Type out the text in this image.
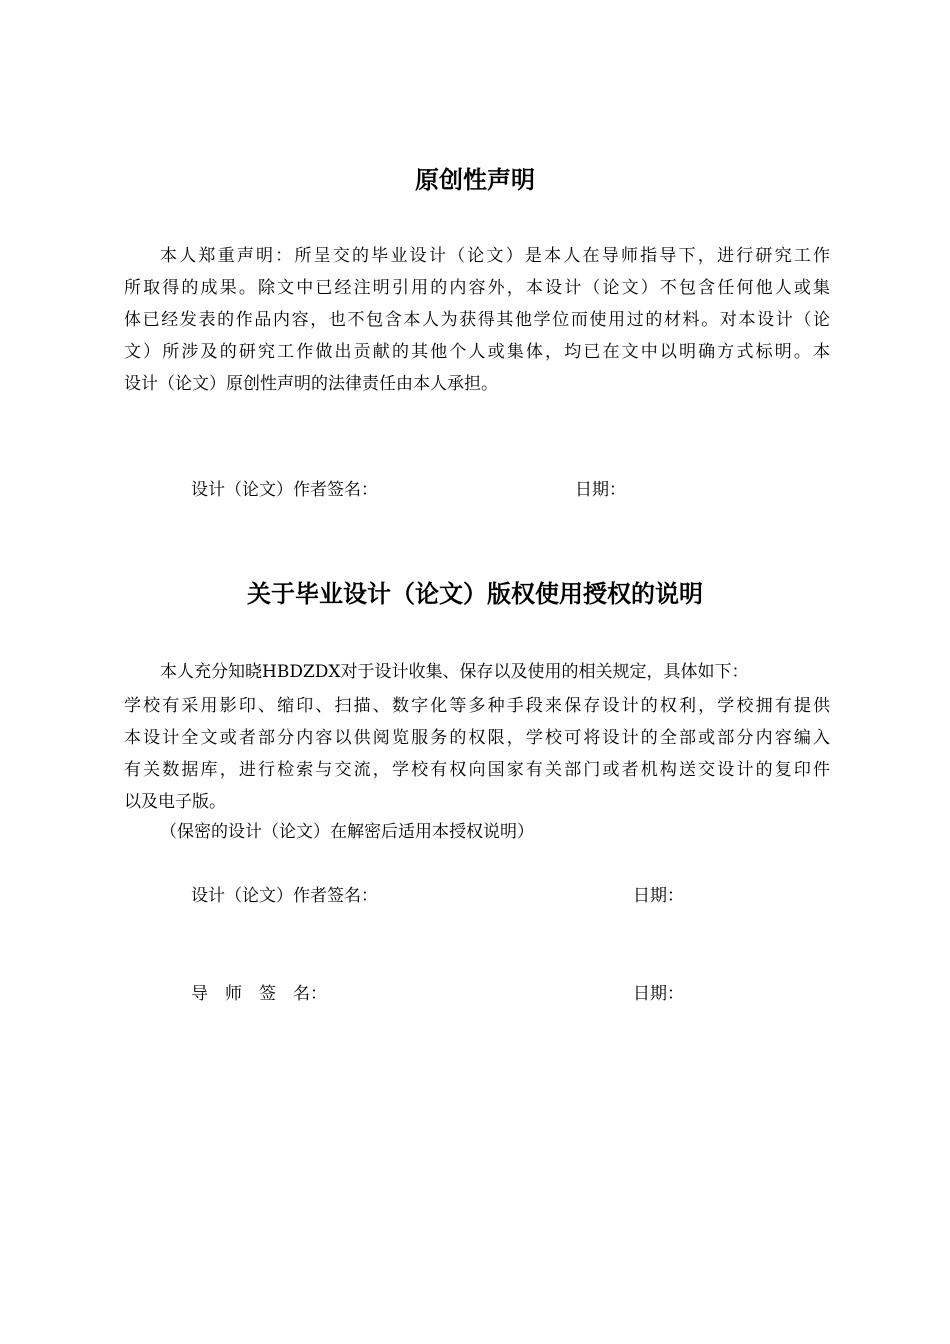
原创性声明
本人郑重声明：所呈交的毕业设计（论文）是本人在导师指导下，进行研究工作
所取得的成果。除文中已经注明引用的内容外，本设计（论文）不包含任何他人或集
体已经发表的作品内容，也不包含本人为获得其他学位而使用过的材料。对本设计（论
文）所涉及的研究工作做出贡献的其他个人或集体，均已在文中以明确方式标明。本
设计（论文）原创性声明的法律责任由本人承担。
设计（论文）作者签名：	日期：
关于毕业设计（论文）版权使用授权的说明

本人充分知晓HBDZDX对于设计收集、保存以及使用的相关规定，具体如下：

学校有采用影印、缩印、扫描、数字化等多种手段来保存设计的权利，学校拥有提供
本设计全文或者部分内容以供阅览服务的权限，学校可将设计的全部或部分内容编入
有关数据库，进行检索与交流，学校有权向国家有关部门或者机构送交设计的复印件
以及电子版。

（保密的设计（论文）在解密后适用本授权说明）

设计（论文）作者签名：	日期：
导　师　签　名：	日期：
